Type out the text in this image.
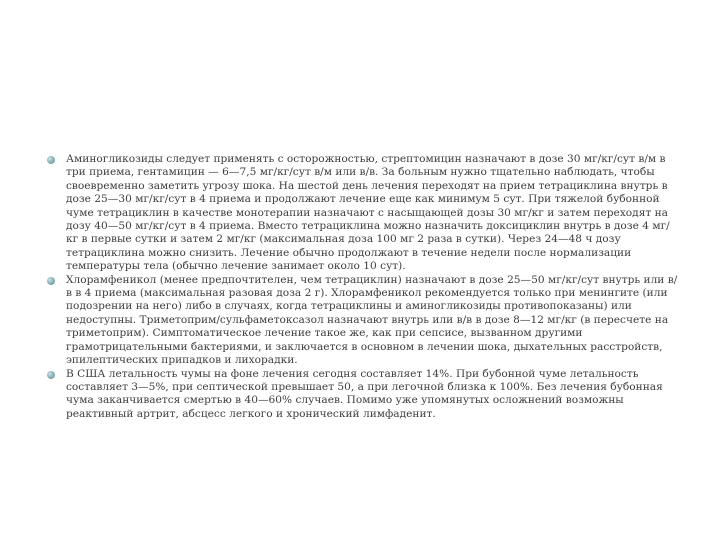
Аминогликозиды следует применять с осторожностью, стрептомицин назначают в дозе 30 мг/кг/сут в/м в три приема, гентамицин — 6—7,5 мг/кг/сут в/м или в/в. За больным нужно тщательно наблюдать, чтобы своевременно заметить угрозу шока. На шестой день лечения переходят на прием тетрациклина внутрь в дозе 25—30 мг/кг/сут в 4 приема и продолжают лечение еще как минимум 5 сут. При тяжелой бубонной чуме тетрациклин в качестве монотерапии назначают с насыщающей дозы 30 мг/кг и затем переходят на дозу 40—50 мг/кг/сут в 4 приема. Вместо тетрациклина можно назначить доксициклин внутрь в дозе 4 мг/кг в первые сутки и затем 2 мг/кг (максимальная доза 100 мг 2 раза в сутки). Через 24—48 ч дозу тетрациклина можно снизить. Лечение обычно продолжают в течение недели после нормализации температуры тела (обычно лечение занимает около 10 сут).
Хлорамфеникол (менее предпочтителен, чем тетрациклин) назначают в дозе 25—50 мг/кг/сут внутрь или в/в в 4 приема (максимальная разовая доза 2 г). Хлорамфеникол рекомендуется только при менингите (или подозрении на него) либо в случаях, когда тетрациклины и аминогликозиды противопоказаны) или недоступны. Триметоприм/сульфаметоксазол назначают внутрь или в/в в дозе 8—12 мг/кг (в пересчете на триметоприм). Симптоматическое лечение такое же, как при сепсисе, вызванном другими грамотрицательными бактериями, и заключается в основном в лечении шока, дыхательных расстройств, эпилептических припадков и лихорадки.
В США летальность чумы на фоне лечения сегодня составляет 14%. При бубонной чуме летальность составляет 3—5%, при септической превышает 50, а при легочной близка к 100%. Без лечения бубонная чума заканчивается смертью в 40—60% случаев. Помимо уже упомянутых осложнений возможны реактивный артрит, абсцесс легкого и хронический лимфаденит.
